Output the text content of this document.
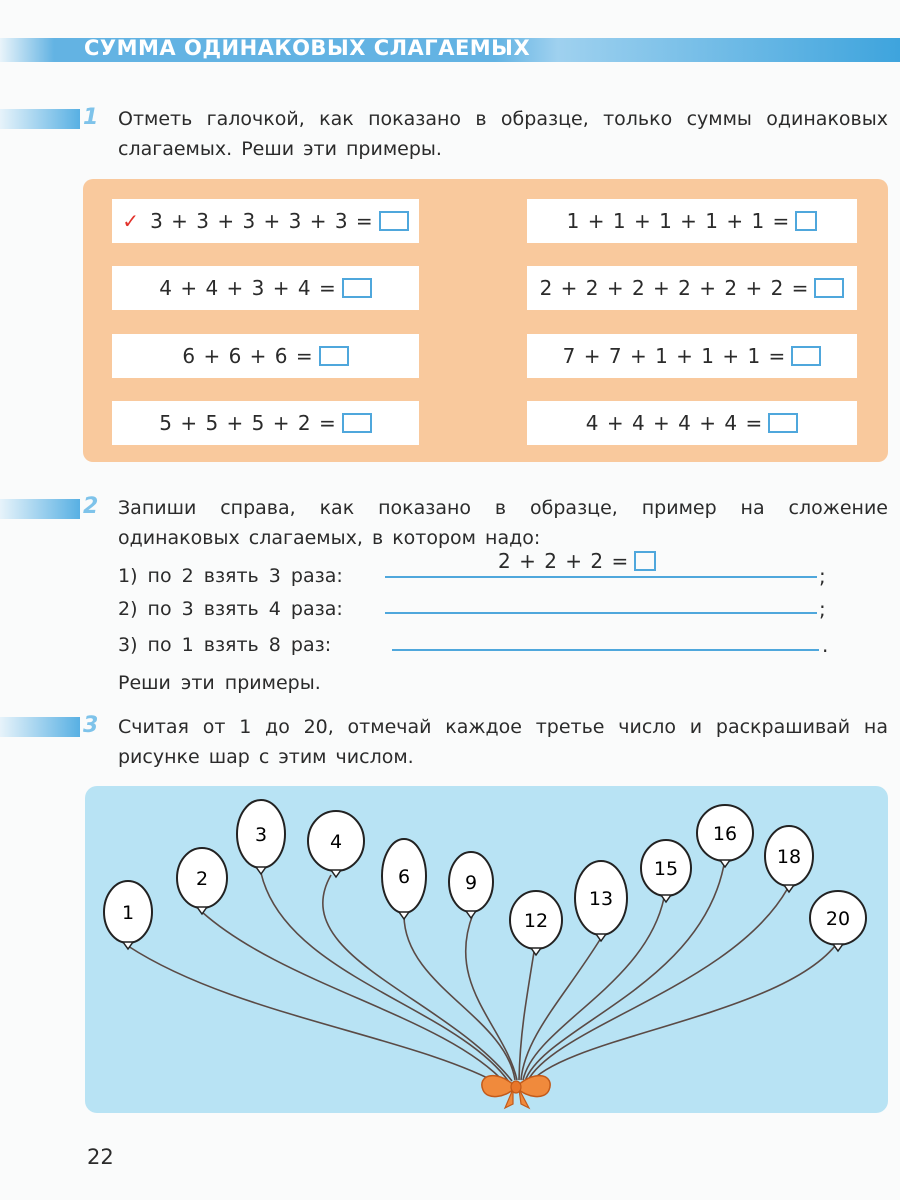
СУММА ОДИНАКОВЫХ СЛАГАЕМЫХ
1 Отметь галочкой, как показано в образце, только суммы одинаковых слагаемых. Реши эти примеры.
✓ 3 + 3 + 3 + 3 + 3 =
4 + 4 + 3 + 4 =
6 + 6 + 6 =
5 + 5 + 5 + 2 =
1 + 1 + 1 + 1 + 1 =
2 + 2 + 2 + 2 + 2 + 2 =
7 + 7 + 1 + 1 + 1 =
4 + 4 + 4 + 4 =
2 Запиши справа, как показано в образце, пример на сложение одинаковых слагаемых, в котором надо:
2 + 2 + 2 =
1) по 2 взять 3 раза:	;
2) по 3 взять 4 раза:	;
3) по 1 взять 8 раз:	.
Реши эти примеры.
3 Считая от 1 до 20, отмечай каждое третье число и раскрашивай на рисунке шар с этим числом.
1
2
3	4
6	9
12
13
15
16
18
20
22
